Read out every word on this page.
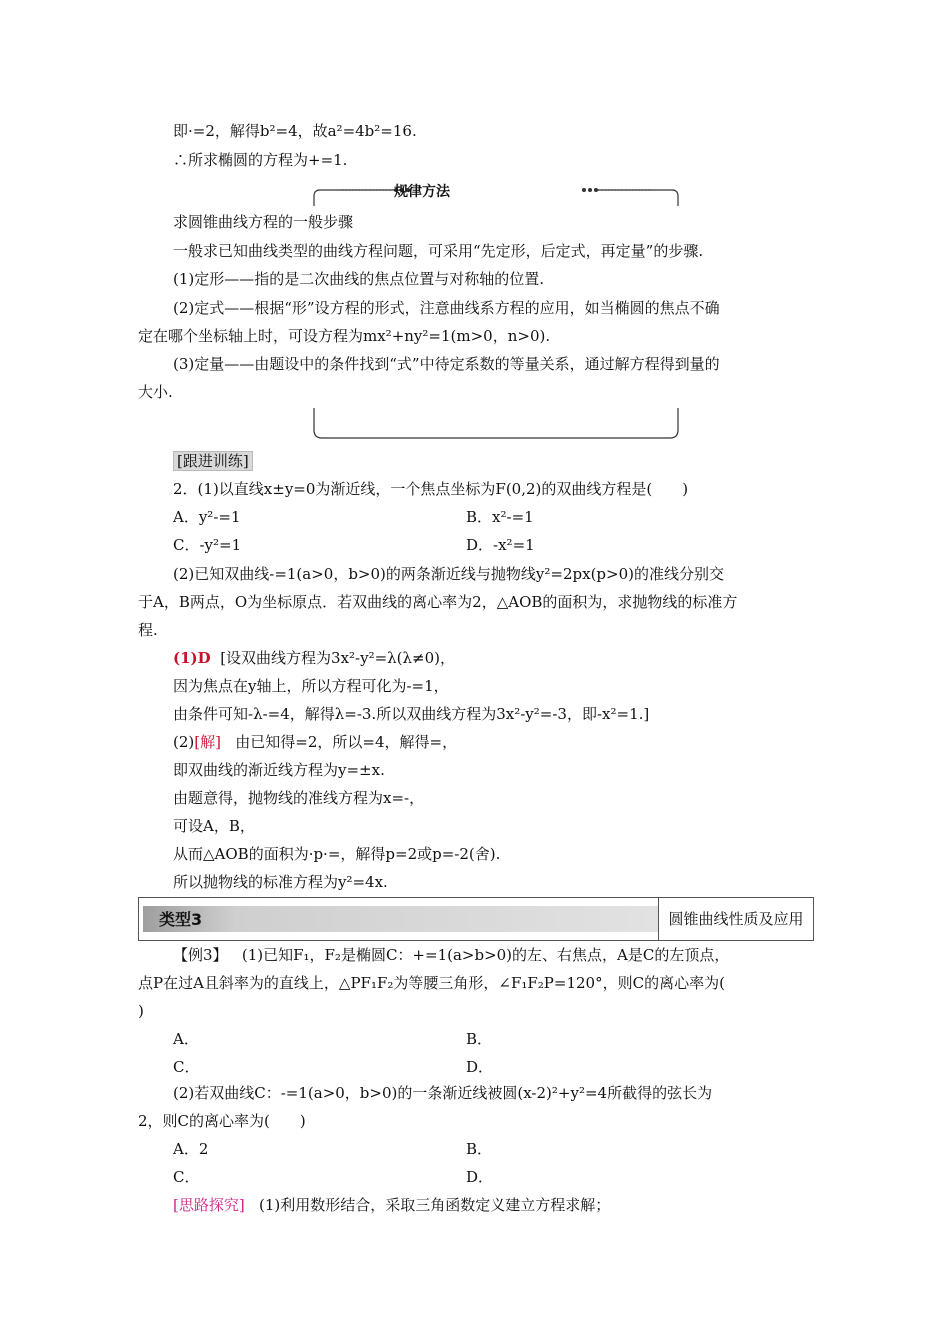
即·=2，解得b²=4，故a²=4b²=16.
∴所求椭圆的方程为+=1.
规律方法
求圆锥曲线方程的一般步骤
一般求已知曲线类型的曲线方程问题，可采用“先定形，后定式，再定量”的步骤.
(1)定形——指的是二次曲线的焦点位置与对称轴的位置.
(2)定式——根据“形”设方程的形式，注意曲线系方程的应用，如当椭圆的焦点不确
定在哪个坐标轴上时，可设方程为mx²+ny²=1(m>0，n>0).
(3)定量——由题设中的条件找到“式”中待定系数的等量关系，通过解方程得到量的
大小.
[跟进训练]
2．(1)以直线x±y=0为渐近线，一个焦点坐标为F(0,2)的双曲线方程是(　　)
A．y²-=1	B．x²-=1
C．-y²=1	D．-x²=1
(2)已知双曲线-=1(a>0，b>0)的两条渐近线与抛物线y²=2px(p>0)的准线分别交
于A，B两点，O为坐标原点．若双曲线的离心率为2，△AOB的面积为，求抛物线的标准方
程.
(1)D [设双曲线方程为3x²-y²=λ(λ≠0)，
因为焦点在y轴上，所以方程可化为-=1，
由条件可知-λ-=4，解得λ=-3.所以双曲线方程为3x²-y²=-3，即-x²=1.]
(2)[解] 由已知得=2，所以=4，解得=，
即双曲线的渐近线方程为y=±x.
由题意得，抛物线的准线方程为x=-，
可设A，B，
从而△AOB的面积为·p·=，解得p=2或p=-2(舍).
所以抛物线的标准方程为y²=4x.
类型3	圆锥曲线性质及应用
【例3】 (1)已知F₁，F₂是椭圆C：+=1(a>b>0)的左、右焦点，A是C的左顶点，
点P在过A且斜率为的直线上，△PF₁F₂为等腰三角形，∠F₁F₂P=120°，则C的离心率为(
)
A．	B．
C．	D．
(2)若双曲线C：-=1(a>0，b>0)的一条渐近线被圆(x-2)²+y²=4所截得的弦长为
2，则C的离心率为(　　)
A．2	B．
C．	D．
[思路探究] (1)利用数形结合，采取三角函数定义建立方程求解；
